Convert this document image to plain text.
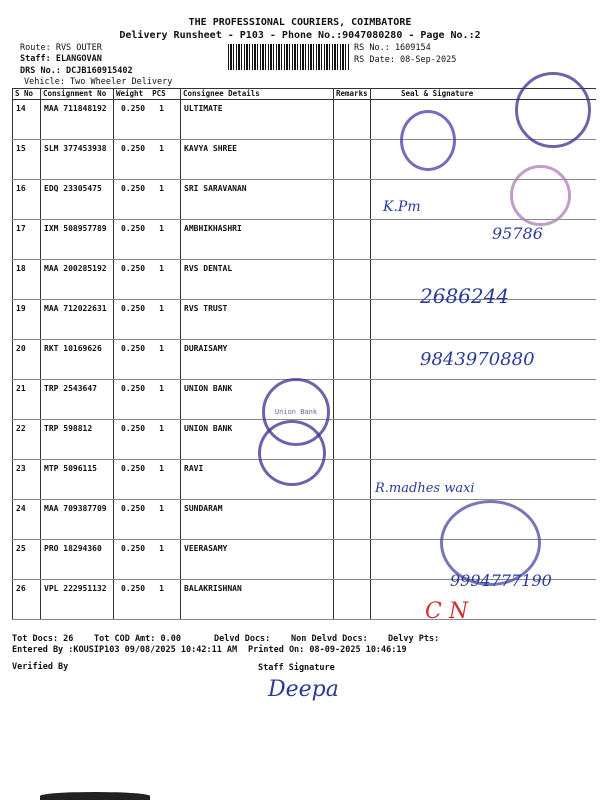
THE PROFESSIONAL COURIERS, COIMBATORE
Delivery Runsheet - P103 - Phone No.:9047080280 - Page No.:2
Route: RVS OUTER
Staff: ELANGOVAN
DRS No.: DCJB160915402
Vehicle: Two Wheeler Delivery
RS No.: 1609154
RS Date: 08-Sep-2025
S No	Consignment No	Weight PCS	Consignee Details	Remarks	Seal & Signature
14	MAA 711848192	0.250 1	ULTIMATE		
15	SLM 377453938	0.250 1	KAVYA SHREE		
16	EDQ 23305475	0.250 1	SRI SARAVANAN		
17	IXM 508957789	0.250 1	AMBHIKHASHRI		
18	MAA 200285192	0.250 1	RVS DENTAL		
19	MAA 712022631	0.250 1	RVS TRUST		
20	RKT 10169626	0.250 1	DURAISAMY		
21	TRP 2543647	0.250 1	UNION BANK		
22	TRP 598812	0.250 1	UNION BANK		
23	MTP 5096115	0.250 1	RAVI		
24	MAA 709387709	0.250 1	SUNDARAM		
25	PRO 18294360	0.250 1	VEERASAMY		
26	VPL 222951132	0.250 1	BALAKRISHNAN		
Union Bank
K.Pm
95786
2686244
9843970880
R.madhes waxi
9994777190
C N
Tot Docs: 26 Tot COD Amt: 0.00	Delvd Docs: Non Delvd Docs: Delvy Pts:
Entered By :KOUSIP103 09/08/2025 10:42:11 AM Printed On: 08-09-2025 10:46:19
Verified By	Staff Signature
Deepa
